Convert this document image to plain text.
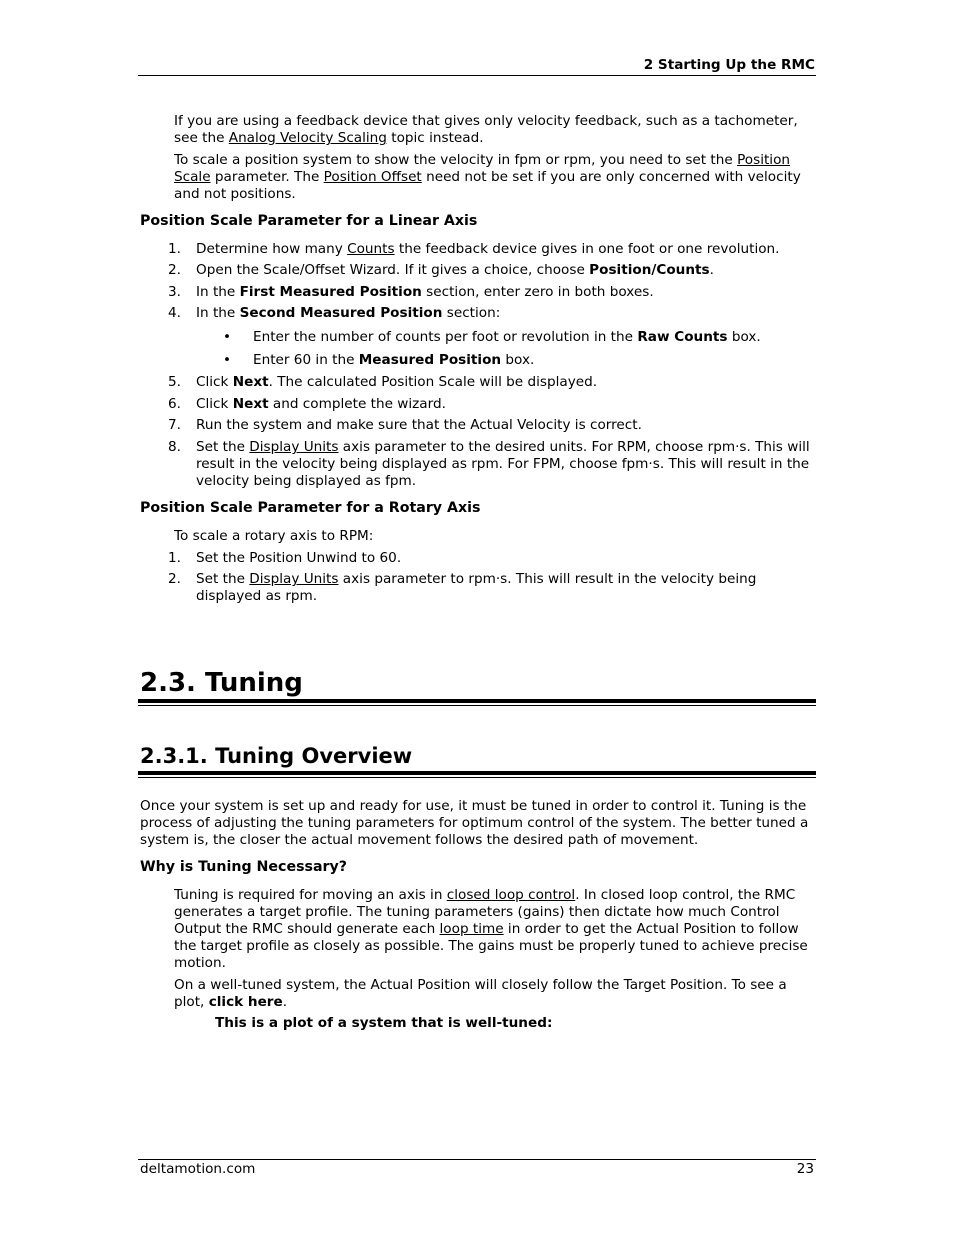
2 Starting Up the RMC
If you are using a feedback device that gives only velocity feedback, such as a tachometer, see the Analog Velocity Scaling topic instead.
To scale a position system to show the velocity in fpm or rpm, you need to set the Position Scale parameter. The Position Offset need not be set if you are only concerned with velocity and not positions.
Position Scale Parameter for a Linear Axis
1.	Determine how many Counts the feedback device gives in one foot or one revolution.
2.	Open the Scale/Offset Wizard. If it gives a choice, choose Position/Counts.
3.	In the First Measured Position section, enter zero in both boxes.
4.	In the Second Measured Position section:
• Enter the number of counts per foot or revolution in the Raw Counts box.
• Enter 60 in the Measured Position box.
5.	Click Next. The calculated Position Scale will be displayed.
6.	Click Next and complete the wizard.
7.	Run the system and make sure that the Actual Velocity is correct.
8.	Set the Display Units axis parameter to the desired units. For RPM, choose rpm·s. This will result in the velocity being displayed as rpm. For FPM, choose fpm·s. This will result in the velocity being displayed as fpm.
Position Scale Parameter for a Rotary Axis
To scale a rotary axis to RPM:
1.	Set the Position Unwind to 60.
2.	Set the Display Units axis parameter to rpm·s. This will result in the velocity being displayed as rpm.
2.3. Tuning
2.3.1. Tuning Overview
Once your system is set up and ready for use, it must be tuned in order to control it. Tuning is the process of adjusting the tuning parameters for optimum control of the system. The better tuned a system is, the closer the actual movement follows the desired path of movement.
Why is Tuning Necessary?
Tuning is required for moving an axis in closed loop control. In closed loop control, the RMC generates a target profile. The tuning parameters (gains) then dictate how much Control Output the RMC should generate each loop time in order to get the Actual Position to follow the target profile as closely as possible. The gains must be properly tuned to achieve precise motion.
On a well-tuned system, the Actual Position will closely follow the Target Position. To see a plot, click here.
This is a plot of a system that is well-tuned:
deltamotion.com	23
